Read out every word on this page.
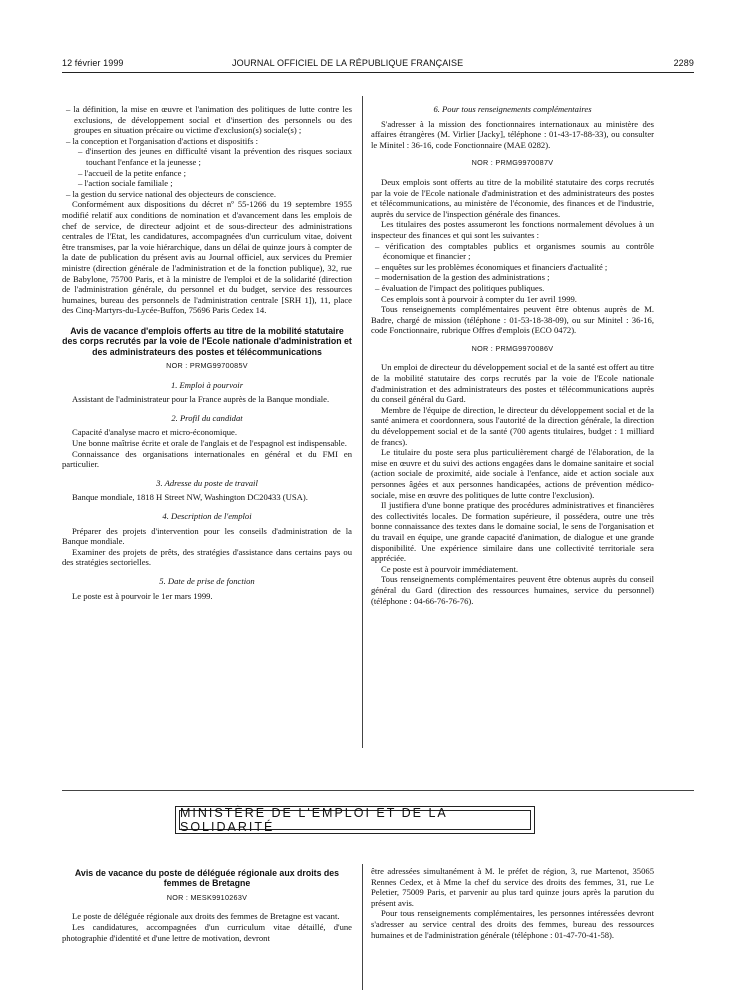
12 février 1999	JOURNAL OFFICIEL DE LA RÉPUBLIQUE FRANÇAISE	2289

– la définition, la mise en œuvre et l'animation des politiques de lutte contre les exclusions, de développement social et d'insertion des personnels ou des groupes en situation précaire ou victime d'exclusion(s) sociale(s) ;

– la conception et l'organisation d'actions et dispositifs :

– d'insertion des jeunes en difficulté visant la prévention des risques sociaux touchant l'enfance et la jeunesse ;

– l'accueil de la petite enfance ;

– l'action sociale familiale ;

– la gestion du service national des objecteurs de conscience.

Conformément aux dispositions du décret nº 55-1266 du 19 septembre 1955 modifié relatif aux conditions de nomination et d'avancement dans les emplois de chef de service, de directeur adjoint et de sous-directeur des administrations centrales de l'Etat, les candidatures, accompagnées d'un curriculum vitae, doivent être transmises, par la voie hiérarchique, dans un délai de quinze jours à compter de la date de publication du présent avis au Journal officiel, aux services du Premier ministre (direction générale de l'administration et de la fonction publique), 32, rue de Babylone, 75700 Paris, et à la ministre de l'emploi et de la solidarité (direction de l'administration générale, du personnel et du budget, service des ressources humaines, bureau des personnels de l'administration centrale [SRH 1]), 11, place des Cinq-Martyrs-du-Lycée-Buffon, 75696 Paris Cedex 14.

Avis de vacance d'emplois offerts au titre de la mobilité statutaire des corps recrutés par la voie de l'Ecole nationale d'administration et des administrateurs des postes et télécommunications

NOR : PRMG9970085V

1. Emploi à pourvoir

Assistant de l'administrateur pour la France auprès de la Banque mondiale.

2. Profil du candidat

Capacité d'analyse macro et micro-économique.

Une bonne maîtrise écrite et orale de l'anglais et de l'espagnol est indispensable.

Connaissance des organisations internationales en général et du FMI en particulier.

3. Adresse du poste de travail

Banque mondiale, 1818 H Street NW, Washington DC20433 (USA).

4. Description de l'emploi

Préparer des projets d'intervention pour les conseils d'administration de la Banque mondiale.

Examiner des projets de prêts, des stratégies d'assistance dans certains pays ou des stratégies sectorielles.

5. Date de prise de fonction

Le poste est à pourvoir le 1er mars 1999.

6. Pour tous renseignements complémentaires

S'adresser à la mission des fonctionnaires internationaux au ministère des affaires étrangères (M. Virlier [Jacky], téléphone : 01-43-17-88-33), ou consulter le Minitel : 36-16, code Fonctionnaire (MAE 0282).

NOR : PRMG9970087V

Deux emplois sont offerts au titre de la mobilité statutaire des corps recrutés par la voie de l'Ecole nationale d'administration et des administrateurs des postes et télécommunications, au ministère de l'économie, des finances et de l'industrie, auprès du service de l'inspection générale des finances.

Les titulaires des postes assumeront les fonctions normalement dévolues à un inspecteur des finances et qui sont les suivantes :

– vérification des comptables publics et organismes soumis au contrôle économique et financier ;

– enquêtes sur les problèmes économiques et financiers d'actualité ;

– modernisation de la gestion des administrations ;

– évaluation de l'impact des politiques publiques.

Ces emplois sont à pourvoir à compter du 1er avril 1999.

Tous renseignements complémentaires peuvent être obtenus auprès de M. Badre, chargé de mission (téléphone : 01-53-18-38-09), ou sur Minitel : 36-16, code Fonctionnaire, rubrique Offres d'emplois (ECO 0472).

NOR : PRMG9970086V

Un emploi de directeur du développement social et de la santé est offert au titre de la mobilité statutaire des corps recrutés par la voie de l'Ecole nationale d'administration et des administrateurs des postes et télécommunications auprès du conseil général du Gard.

Membre de l'équipe de direction, le directeur du développement social et de la santé animera et coordonnera, sous l'autorité de la direction générale, la direction du développement social et de la santé (700 agents titulaires, budget : 1 milliard de francs).

Le titulaire du poste sera plus particulièrement chargé de l'élaboration, de la mise en œuvre et du suivi des actions engagées dans le domaine sanitaire et social (action sociale de proximité, aide sociale à l'enfance, aide et action sociale aux personnes âgées et aux personnes handicapées, actions de prévention médico-sociale, mise en œuvre des politiques de lutte contre l'exclusion).

Il justifiera d'une bonne pratique des procédures administratives et financières des collectivités locales. De formation supérieure, il possédera, outre une très bonne connaissance des textes dans le domaine social, le sens de l'organisation et du travail en équipe, une grande capacité d'animation, de dialogue et une grande disponibilité. Une expérience similaire dans une collectivité territoriale sera appréciée.

Ce poste est à pourvoir immédiatement.

Tous renseignements complémentaires peuvent être obtenus auprès du conseil général du Gard (direction des ressources humaines, service du personnel) (téléphone : 04-66-76-76-76).

MINISTÈRE DE L'EMPLOI ET DE LA SOLIDARITÉ
Avis de vacance du poste de déléguée régionale aux droits des femmes de Bretagne

NOR : MESK9910263V

Le poste de déléguée régionale aux droits des femmes de Bretagne est vacant.

Les candidatures, accompagnées d'un curriculum vitae détaillé, d'une photographie d'identité et d'une lettre de motivation, devront

être adressées simultanément à M. le préfet de région, 3, rue Martenot, 35065 Rennes Cedex, et à Mme la chef du service des droits des femmes, 31, rue Le Peletier, 75009 Paris, et parvenir au plus tard quinze jours après la parution du présent avis.

Pour tous renseignements complémentaires, les personnes intéressées devront s'adresser au service central des droits des femmes, bureau des ressources humaines et de l'administration générale (téléphone : 01-47-70-41-58).
